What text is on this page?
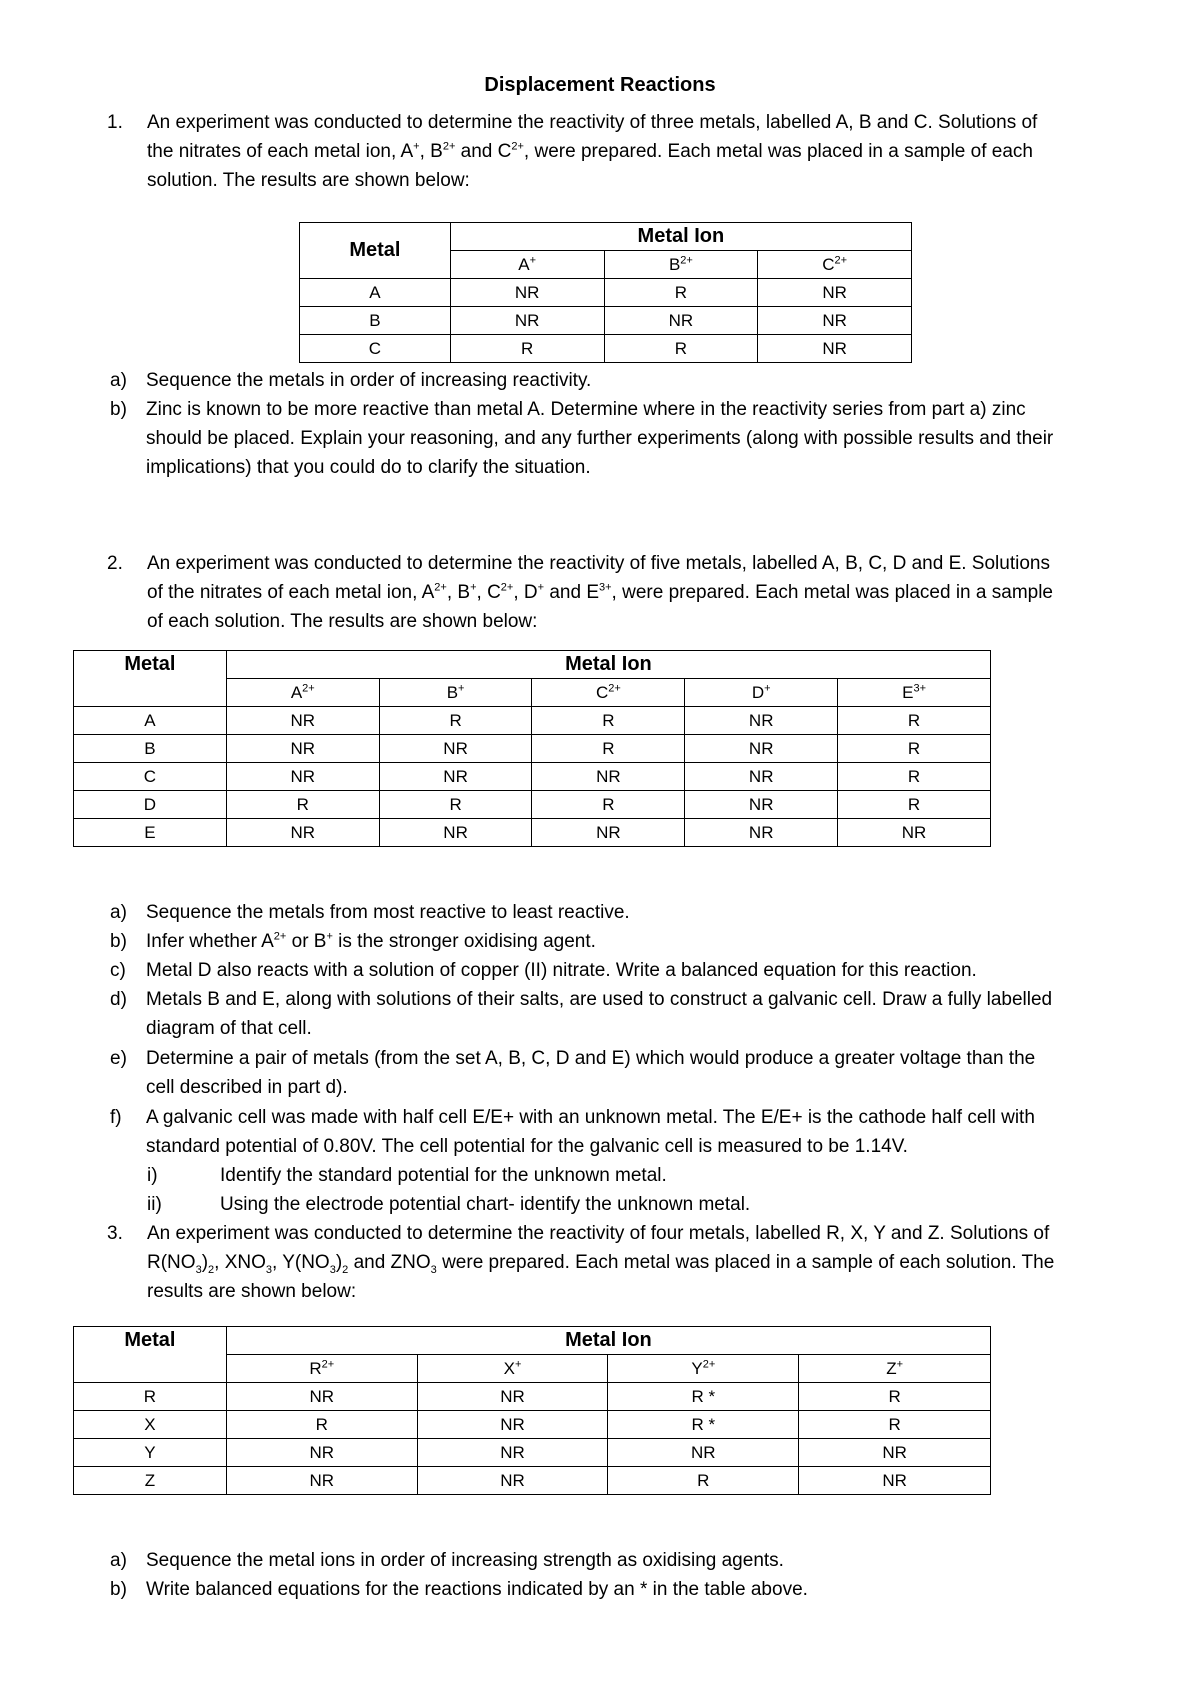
Displacement Reactions
1. An experiment was conducted to determine the reactivity of three metals, labelled A, B and C. Solutions of
the nitrates of each metal ion, A+, $B^{2+}$ and $C^{2+}$, were prepared. Each metal was placed in a sample of each
solution. The results are shown below:
Metal	Metal Ion		
	A+	$B^{2+}$	$C^{2+}$
A	NR	R	NR
B	NR	NR	NR
C	R	R	NR
a) Sequence the metals in order of increasing reactivity.
b) Zinc is known to be more reactive than metal A. Determine where in the reactivity series from part a) zinc
should be placed. Explain your reasoning, and any further experiments (along with possible results and their
implications) that you could do to clarify the situation.
2. An experiment was conducted to determine the reactivity of five metals, labelled A, B, C, D and E. Solutions
of the nitrates of each metal ion, $A^{2+}$, B+, $C^{2+}$, D+ and $E^{3+}$, were prepared. Each metal was placed in a sample
of each solution. The results are shown below:
Metal	Metal Ion				
	$A^{2+}$	B+	$C^{2+}$	D+	$E^{3+}$
A	NR	R	R	NR	R
B	NR	NR	R	NR	R
C	NR	NR	NR	NR	R
D	R	R	R	NR	R
E	NR	NR	NR	NR	NR
a) Sequence the metals from most reactive to least reactive.
b) Infer whether $A^{2+}$ or B+ is the stronger oxidising agent.
c) Metal D also reacts with a solution of copper (II) nitrate. Write a balanced equation for this reaction.
d) Metals B and E, along with solutions of their salts, are used to construct a galvanic cell. Draw a fully labelled
diagram of that cell.
e) Determine a pair of metals (from the set A, B, C, D and E) which would produce a greater voltage than the
cell described in part d).
f) A galvanic cell was made with half cell E/E+ with an unknown metal. The E/E+ is the cathode half cell with
standard potential of 0.80V. The cell potential for the galvanic cell is measured to be 1.14V.
i)	Identify the standard potential for the unknown metal.
ii)	Using the electrode potential chart- identify the unknown metal.
3. An experiment was conducted to determine the reactivity of four metals, labelled R, X, Y and Z. Solutions of
$R(NO_3)_2$, $XNO_3$, $Y(NO_3)_2$ and $ZNO_3$ were prepared. Each metal was placed in a sample of each solution. The
results are shown below:
Metal	Metal Ion			
	$R^{2+}$	X+	$Y^{2+}$	Z+
R	NR	NR	R *	R
X	R	NR	R *	R
Y	NR	NR	NR	NR
Z	NR	NR	R	NR
a) Sequence the metal ions in order of increasing strength as oxidising agents.
b) Write balanced equations for the reactions indicated by an * in the table above.
